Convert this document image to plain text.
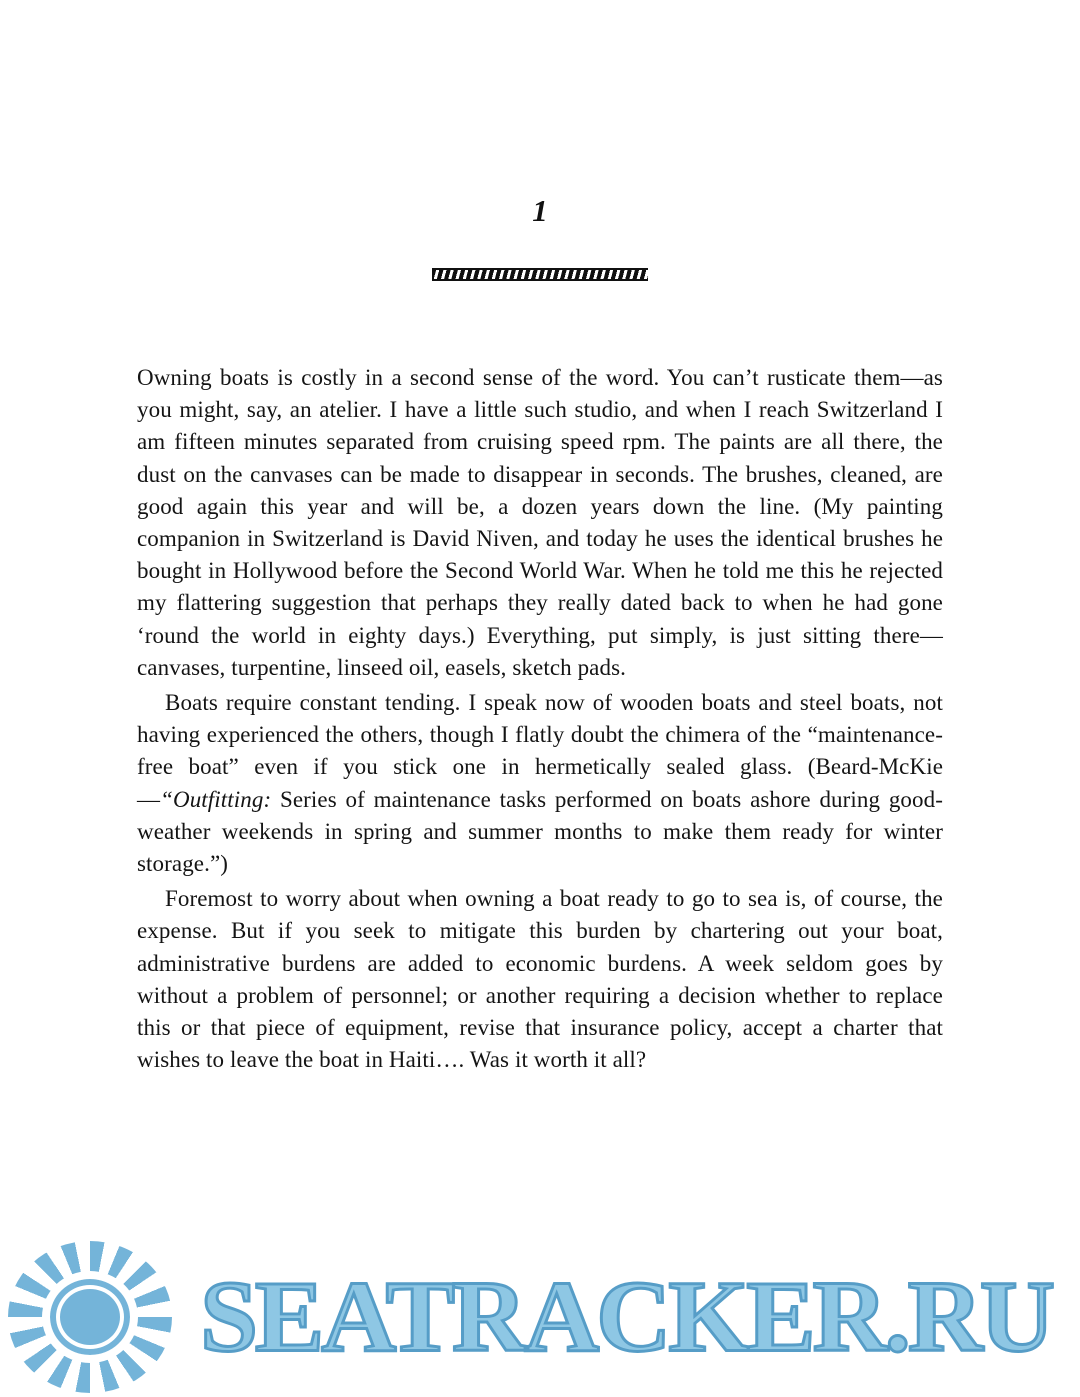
1

Owning boats is costly in a second sense of the word. You can’t rusticate them—as you might, say, an atelier. I have a little such studio, and when I reach Switzerland I am fifteen minutes separated from cruising speed rpm. The paints are all there, the dust on the canvases can be made to disappear in seconds. The brushes, cleaned, are good again this year and will be, a dozen years down the line. (My painting companion in Switzerland is David Niven, and today he uses the identical brushes he bought in Hollywood before the Second World War. When he told me this he rejected my flattering suggestion that perhaps they really dated back to when he had gone ‘round the world in eighty days.) Everything, put simply, is just sitting there—canvases, turpentine, linseed oil, easels, sketch pads.

Boats require constant tending. I speak now of wooden boats and steel boats, not having experienced the others, though I flatly doubt the chimera of the “maintenance-free boat” even if you stick one in hermetically sealed glass. (Beard-McKie—“Outfitting: Series of maintenance tasks performed on boats ashore during good-weather weekends in spring and summer months to make them ready for winter storage.”)

Foremost to worry about when owning a boat ready to go to sea is, of course, the expense. But if you seek to mitigate this burden by chartering out your boat, administrative burdens are added to economic burdens. A week seldom goes by without a problem of personnel; or another requiring a decision whether to replace this or that piece of equipment, revise that insurance policy, accept a charter that wishes to leave the boat in Haiti…. Was it worth it all?

SEATRACKER.RU
